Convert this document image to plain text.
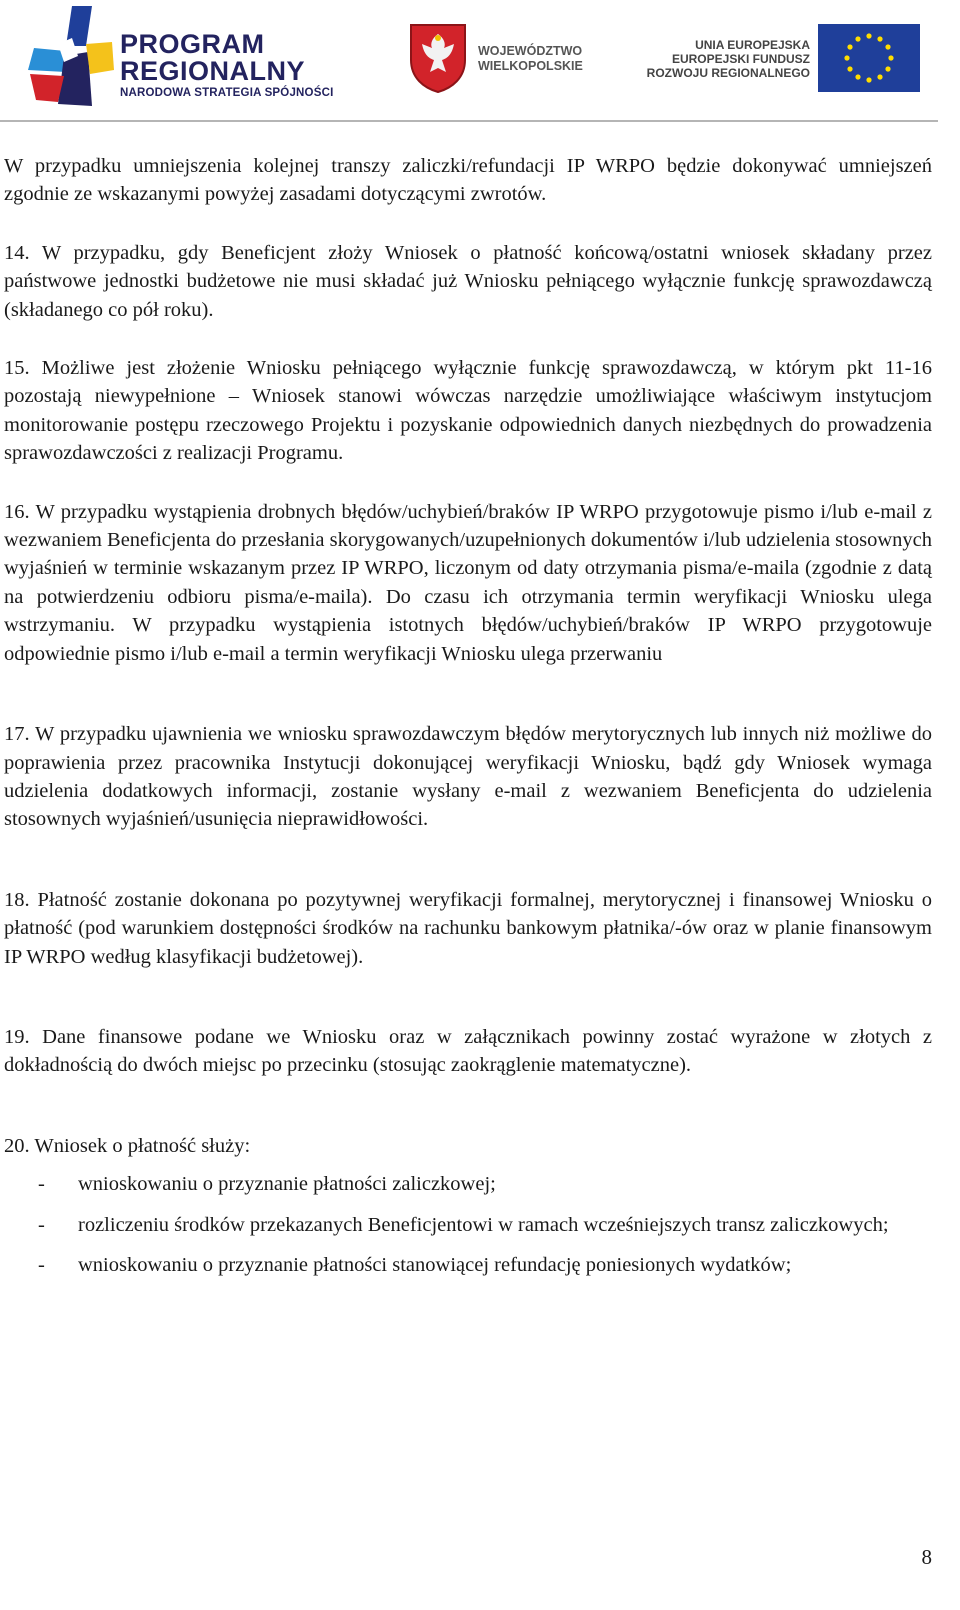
PROGRAM
REGIONALNY
NARODOWA STRATEGIA SPÓJNOŚCI
WOJEWÓDZTWO
WIELKOPOLSKIE
UNIA EUROPEJSKA
EUROPEJSKI FUNDUSZ
ROZWOJU REGIONALNEGO

W przypadku umniejszenia kolejnej transzy zaliczki/refundacji IP WRPO będzie dokonywać umniejszeń zgodnie ze wskazanymi powyżej zasadami dotyczącymi zwrotów.

14. W przypadku, gdy Beneficjent złoży Wniosek o płatność końcową/ostatni wniosek składany przez państwowe jednostki budżetowe nie musi składać już Wniosku pełniącego wyłącznie funkcję sprawozdawczą (składanego co pół roku).

15. Możliwe jest złożenie Wniosku pełniącego wyłącznie funkcję sprawozdawczą, w którym pkt 11-16 pozostają niewypełnione – Wniosek stanowi wówczas narzędzie umożliwiające właściwym instytucjom monitorowanie postępu rzeczowego Projektu i pozyskanie odpowiednich danych niezbędnych do prowadzenia sprawozdawczości z realizacji Programu.

16. W przypadku wystąpienia drobnych błędów/uchybień/braków IP WRPO przygotowuje pismo i/lub e-mail z wezwaniem Beneficjenta do przesłania skorygowanych/uzupełnionych dokumentów i/lub udzielenia stosownych wyjaśnień w terminie wskazanym przez IP WRPO, liczonym od daty otrzymania pisma/e-maila (zgodnie z datą na potwierdzeniu odbioru pisma/e-maila). Do czasu ich otrzymania termin weryfikacji Wniosku ulega wstrzymaniu. W przypadku wystąpienia istotnych błędów/uchybień/braków IP WRPO przygotowuje odpowiednie pismo i/lub e-mail a termin weryfikacji Wniosku ulega przerwaniu

17. W przypadku ujawnienia we wniosku sprawozdawczym błędów merytorycznych lub innych niż możliwe do poprawienia przez pracownika Instytucji dokonującej weryfikacji Wniosku, bądź gdy Wniosek wymaga udzielenia dodatkowych informacji, zostanie wysłany e-mail z wezwaniem Beneficjenta do udzielenia stosownych wyjaśnień/usunięcia nieprawidłowości.

18. Płatność zostanie dokonana po pozytywnej weryfikacji formalnej, merytorycznej i finansowej Wniosku o płatność (pod warunkiem dostępności środków na rachunku bankowym płatnika/-ów oraz w planie finansowym IP WRPO według klasyfikacji budżetowej).

19. Dane finansowe podane we Wniosku oraz w załącznikach powinny zostać wyrażone w złotych z dokładnością do dwóch miejsc po przecinku (stosując zaokrąglenie matematyczne).

20. Wniosek o płatność służy:

- wnioskowaniu o przyznanie płatności zaliczkowej;
- rozliczeniu środków przekazanych Beneficjentowi w ramach wcześniejszych transz zaliczkowych;
- wnioskowaniu o przyznanie płatności stanowiącej refundację poniesionych wydatków;
8
